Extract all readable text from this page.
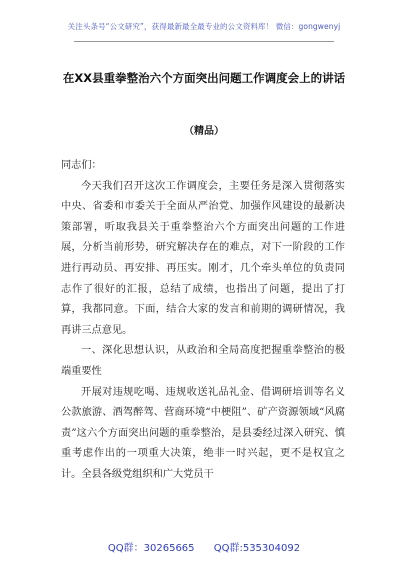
关注头条号“公文研究”，获得最新最全最专业的公文资料库！ 微信：gongwenyj
在XX县重拳整治六个方面突出问题工作调度会上的讲话
（精品）

同志们：

今天我们召开这次工作调度会，主要任务是深入贯彻落实中央、省委和市委关于全面从严治党、加强作风建设的最新决策部署，听取我县关于重拳整治六个方面突出问题的工作进展，分析当前形势，研究解决存在的难点，对下一阶段的工作进行再动员、再安排、再压实。刚才，几个牵头单位的负责同志作了很好的汇报，总结了成绩，也指出了问题，提出了打算，我都同意。下面，结合大家的发言和前期的调研情况，我再讲三点意见。

一、深化思想认识，从政治和全局高度把握重拳整治的极端重要性

开展对违规吃喝、违规收送礼品礼金、借调研培训等名义公款旅游、酒驾醉驾、营商环境“中梗阻”、矿产资源领域“风腐责”这六个方面突出问题的重拳整治，是县委经过深入研究、慎重考虑作出的一项重大决策，绝非一时兴起，更不是权宜之计。全县各级党组织和广大党员干

QQ群：30265665 QQ群:535304092
